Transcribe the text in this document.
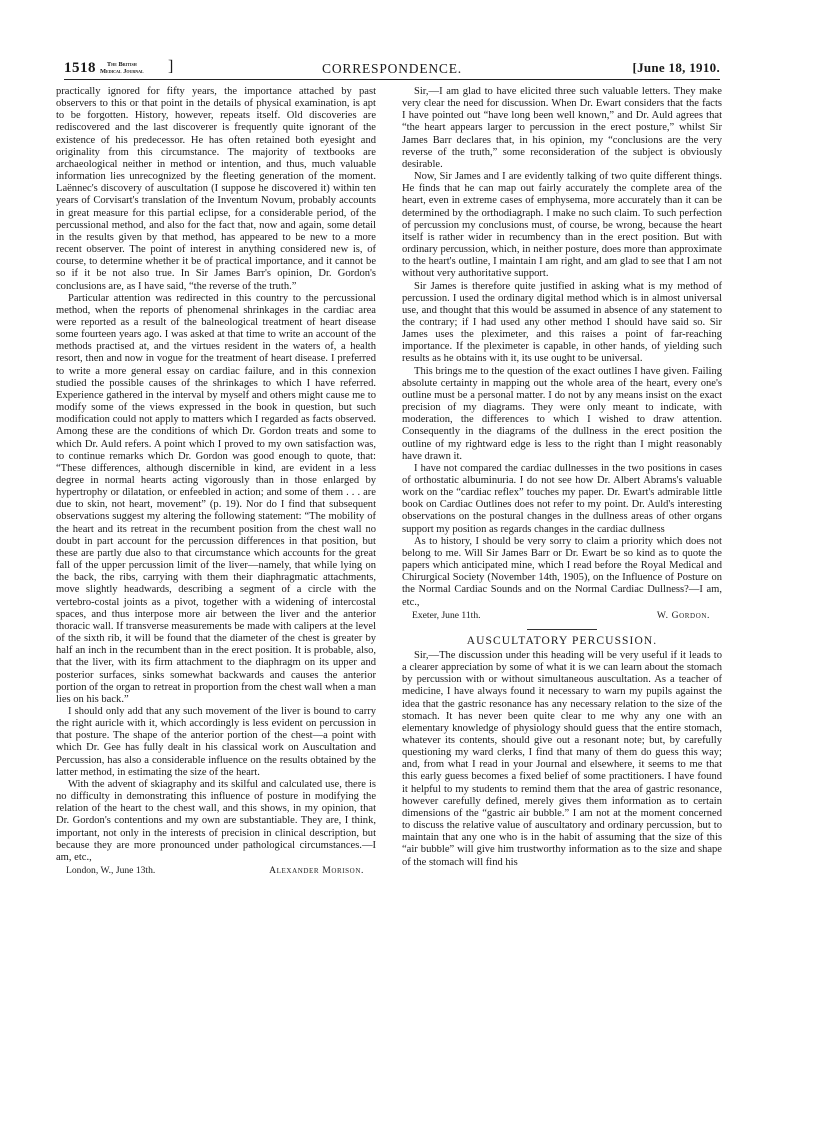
1518	The British
Medical Journal ]	CORRESPONDENCE.	[June 18, 1910.

practically ignored for fifty years, the importance attached by past observers to this or that point in the details of physical examination, is apt to be forgotten. History, however, repeats itself. Old discoveries are rediscovered and the last discoverer is frequently quite ignorant of the existence of his predecessor. He has often retained both eyesight and originality from this circumstance. The majority of textbooks are archaeological neither in method or intention, and thus, much valuable information lies unrecognized by the fleeting generation of the moment. Laënnec's discovery of auscultation (I suppose he discovered it) within ten years of Corvisart's translation of the Inventum Novum, probably accounts in great measure for this partial eclipse, for a considerable period, of the percussional method, and also for the fact that, now and again, some detail in the results given by that method, has appeared to be new to a more recent observer. The point of interest in anything considered new is, of course, to determine whether it be of practical importance, and it cannot be so if it be not also true. In Sir James Barr's opinion, Dr. Gordon's conclusions are, as I have said, “the reverse of the truth.”

Particular attention was redirected in this country to the percussional method, when the reports of phenomenal shrinkages in the cardiac area were reported as a result of the balneological treatment of heart disease some fourteen years ago. I was asked at that time to write an account of the methods practised at, and the virtues resident in the waters of, a health resort, then and now in vogue for the treatment of heart disease. I preferred to write a more general essay on cardiac failure, and in this connexion studied the possible causes of the shrinkages to which I have referred. Experience gathered in the interval by myself and others might cause me to modify some of the views expressed in the book in question, but such modification could not apply to matters which I regarded as facts observed. Among these are the conditions of which Dr. Gordon treats and some to which Dr. Auld refers. A point which I proved to my own satisfaction was, to continue remarks which Dr. Gordon was good enough to quote, that: “These differences, although discernible in kind, are evident in a less degree in normal hearts acting vigorously than in those enlarged by hypertrophy or dilatation, or enfeebled in action; and some of them . . . are due to skin, not heart, movement” (p. 19). Nor do I find that subsequent observations suggest my altering the following statement: “The mobility of the heart and its retreat in the recumbent position from the chest wall no doubt in part account for the percussion differences in that position, but these are partly due also to that circumstance which accounts for the great fall of the upper percussion limit of the liver—namely, that while lying on the back, the ribs, carrying with them their diaphragmatic attachments, move slightly headwards, describing a segment of a circle with the vertebro-costal joints as a pivot, together with a widening of intercostal spaces, and thus interpose more air between the liver and the anterior thoracic wall. If transverse measurements be made with calipers at the level of the sixth rib, it will be found that the diameter of the chest is greater by half an inch in the recumbent than in the erect position. It is probable, also, that the liver, with its firm attachment to the diaphragm on its upper and posterior surfaces, sinks somewhat backwards and causes the anterior portion of the organ to retreat in proportion from the chest wall when a man lies on his back.”

I should only add that any such movement of the liver is bound to carry the right auricle with it, which accordingly is less evident on percussion in that posture. The shape of the anterior portion of the chest—a point with which Dr. Gee has fully dealt in his classical work on Auscultation and Percussion, has also a considerable influence on the results obtained by the latter method, in estimating the size of the heart.

With the advent of skiagraphy and its skilful and calculated use, there is no difficulty in demonstrating this influence of posture in modifying the relation of the heart to the chest wall, and this shows, in my opinion, that Dr. Gordon's contentions and my own are substantiable. They are, I think, important, not only in the interests of precision in clinical description, but because they are more pronounced under pathological circumstances.—I am, etc.,

London, W., June 13th.	Alexander Morison.

Sir,—I am glad to have elicited three such valuable letters. They make very clear the need for discussion. When Dr. Ewart considers that the facts I have pointed out “have long been well known,” and Dr. Auld agrees that “the heart appears larger to percussion in the erect posture,” whilst Sir James Barr declares that, in his opinion, my “conclusions are the very reverse of the truth,” some reconsideration of the subject is obviously desirable.

Now, Sir James and I are evidently talking of two quite different things. He finds that he can map out fairly accurately the complete area of the heart, even in extreme cases of emphysema, more accurately than it can be determined by the orthodiagraph. I make no such claim. To such perfection of percussion my conclusions must, of course, be wrong, because the heart itself is rather wider in recumbency than in the erect position. But with ordinary percussion, which, in neither posture, does more than approximate to the heart's outline, I maintain I am right, and am glad to see that I am not without very authoritative support.

Sir James is therefore quite justified in asking what is my method of percussion. I used the ordinary digital method which is in almost universal use, and thought that this would be assumed in absence of any statement to the contrary; if I had used any other method I should have said so. Sir James uses the pleximeter, and this raises a point of far-reaching importance. If the pleximeter is capable, in other hands, of yielding such results as he obtains with it, its use ought to be universal.

This brings me to the question of the exact outlines I have given. Failing absolute certainty in mapping out the whole area of the heart, every one's outline must be a personal matter. I do not by any means insist on the exact precision of my diagrams. They were only meant to indicate, with moderation, the differences to which I wished to draw attention. Consequently in the diagrams of the dullness in the erect position the outline of my rightward edge is less to the right than I might reasonably have drawn it.

I have not compared the cardiac dullnesses in the two positions in cases of orthostatic albuminuria. I do not see how Dr. Albert Abrams's valuable work on the “cardiac reflex” touches my paper. Dr. Ewart's admirable little book on Cardiac Outlines does not refer to my point. Dr. Auld's interesting observations on the postural changes in the dullness areas of other organs support my position as regards changes in the cardiac dullness

As to history, I should be very sorry to claim a priority which does not belong to me. Will Sir James Barr or Dr. Ewart be so kind as to quote the papers which anticipated mine, which I read before the Royal Medical and Chirurgical Society (November 14th, 1905), on the Influence of Posture on the Normal Cardiac Sounds and on the Normal Cardiac Dullness?—I am, etc.,

Exeter, June 11th.	W. Gordon.
AUSCULTATORY PERCUSSION.

Sir,—The discussion under this heading will be very useful if it leads to a clearer appreciation by some of what it is we can learn about the stomach by percussion with or without simultaneous auscultation. As a teacher of medicine, I have always found it necessary to warn my pupils against the idea that the gastric resonance has any necessary relation to the size of the stomach. It has never been quite clear to me why any one with an elementary knowledge of physiology should guess that the entire stomach, whatever its contents, should give out a resonant note; but, by carefully questioning my ward clerks, I find that many of them do guess this way; and, from what I read in your Journal and elsewhere, it seems to me that this early guess becomes a fixed belief of some practitioners. I have found it helpful to my students to remind them that the area of gastric resonance, however carefully defined, merely gives them information as to certain dimensions of the “gastric air bubble.” I am not at the moment concerned to discuss the relative value of auscultatory and ordinary percussion, but to maintain that any one who is in the habit of assuming that the size of this “air bubble” will give him trustworthy information as to the size and shape of the stomach will find his
